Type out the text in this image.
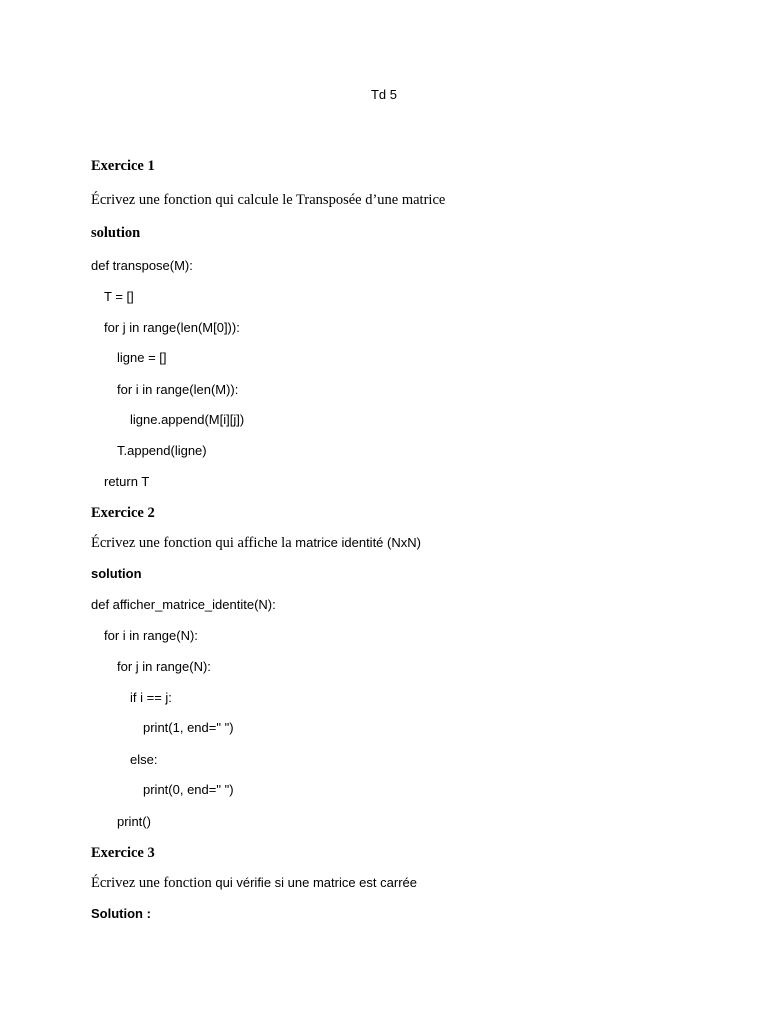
Td 5
Exercice 1
Écrivez une fonction qui calcule le Transposée d’une matrice
solution
def transpose(M):
T = []
for j in range(len(M[0])):
ligne = []
for i in range(len(M)):
ligne.append(M[i][j])
T.append(ligne)
return T
Exercice 2
Écrivez une fonction qui affiche la matrice identité (NxN)
solution
def afficher_matrice_identite(N):
for i in range(N):
for j in range(N):
if i == j:
print(1, end=" ")
else:
print(0, end=" ")
print()
Exercice 3
Écrivez une fonction qui vérifie si une matrice est carrée
Solution :
